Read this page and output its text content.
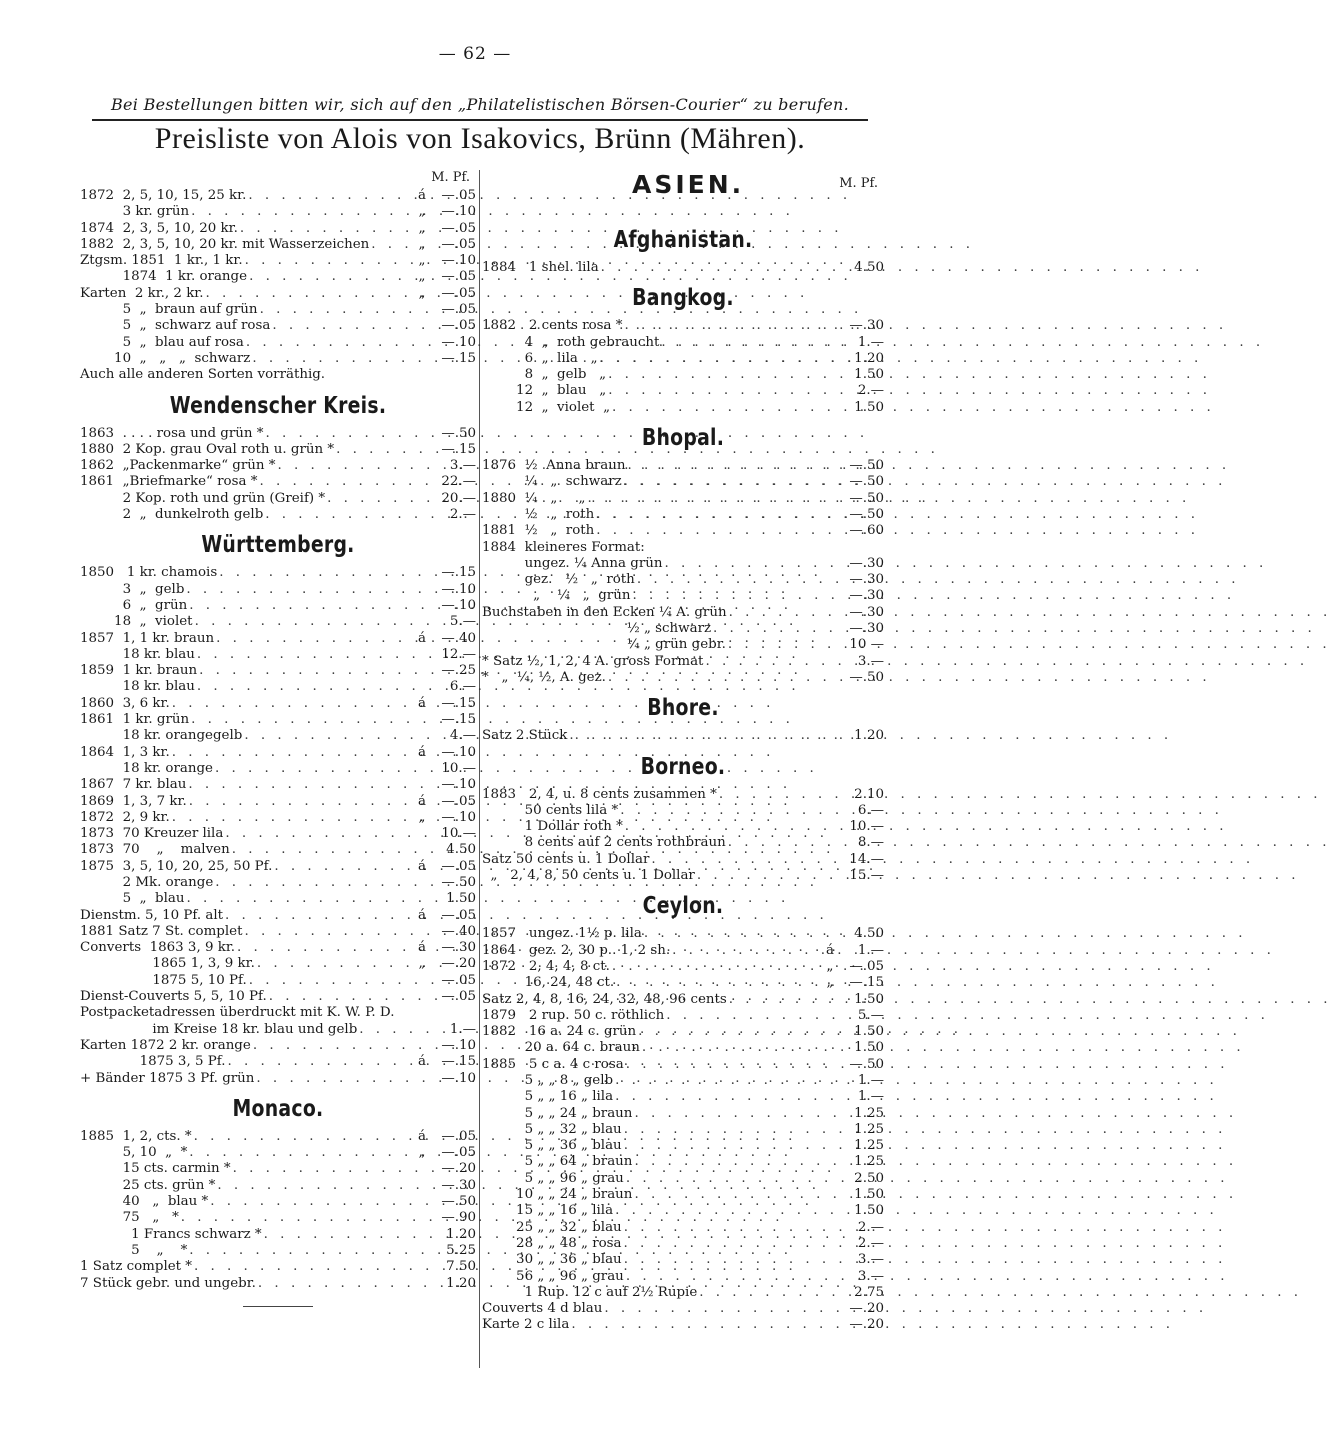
— 62 —
Bei Bestellungen bitten wir, sich auf den „Philatelistischen Börsen-Courier“ zu berufen.
Preisliste von Alois von Isakovics, Brünn (Mähren).
M. Pf.
1872  2, 5, 10, 15, 25 kr. . . .	á	—.05
3 kr. grün . . .	„	—.10
1874  2, 3, 5, 10, 20 kr. . . .	„	—.05
1882  2, 3, 5, 10, 20 kr. mit Wasserzeichen . . .	„	—.05
Ztgsm. 1851  1 kr., 1 kr. . . .	„	—.10
1874  1 kr. orange . . .	„	—.05
Karten  2 kr., 2 kr. . . .	„	—.05
5  „  braun auf grün . . .	—.05
5  „  schwarz auf rosa . . .	—.05
5  „  blau auf rosa . . .	—.10
10  „   „   „  schwarz . . .	—.15
Auch alle anderen Sorten vorräthig.
Wendenscher Kreis.
1863  . . . . rosa und grün * . . .	—.50
1880  2 Kop. grau Oval roth u. grün * . . .	—.15
1862  „Packenmarke“ grün * . . .	3.—
1861  „Briefmarke“ rosa * . . .	22.—
2 Kop. roth und grün (Greif) * . . .	20.—
2  „  dunkelroth gelb . . .	2.—
Württemberg.
1850   1 kr. chamois . . .	—.15
3  „  gelb . . .	—.10
6  „  grün . . .	—.10
18  „  violet . . .	5.—
1857  1, 1 kr. braun . . .	á	—.40
18 kr. blau . . .	12.—
1859  1 kr. braun . . .	—.25
18 kr. blau . . .	6.—
1860  3, 6 kr. . . .	á	—.15
1861  1 kr. grün . . .	—.15
18 kr. orangegelb . . .	4.—
1864  1, 3 kr. . . .	á	—.10
18 kr. orange . . .	10.—
1867  7 kr. blau . . .	—.10
1869  1, 3, 7 kr. . . .	á	—.05
1872  2, 9 kr. . . .	„	—.10
1873  70 Kreuzer lila . . .	10.—
1873  70    „    malven . . .	4.50
1875  3, 5, 10, 20, 25, 50 Pf. . . .	á	—.05
2 Mk. orange . . .	—.50
5  „  blau . . .	1.50
Dienstm. 5, 10 Pf. alt . . .	á	—.05
1881 Satz 7 St. complet . . .	—.40
Converts  1863 3, 9 kr. . . .	á	—.30
1865 1, 3, 9 kr. . . .	„	—.20
1875 5, 10 Pf. . . .	—.05
Dienst-Couverts 5, 5, 10 Pf. . . .	—.05
Postpacketadressen überdruckt mit K. W. P. D.
im Kreise 18 kr. blau und gelb . . .	1.—
Karten 1872 2 kr. orange . . .	—.10
1875 3, 5 Pf. . . .	á	—.15
+ Bänder 1875 3 Pf. grün . . .	—.10
Monaco.
1885  1, 2, cts. * . . .	á	—.05
5, 10  „  * . . .	„	—.05
15 cts. carmin * . . .	—.20
25 cts. grün * . . .	—.30
40   „  blau * . . .	—.50
75   „   * . . .	—.90
1 Francs schwarz * . . .	1.20
5    „    * . . .	5.25
1 Satz complet * . . .	7.50
7 Stück gebr. und ungebr. . . .	1.20
ASIEN.	M. Pf.
Afghanistan.
1884   1 shel. lila . . .	4.50
Bangkog.
1882   2 cents rosa * . . .	—.30
4  „  roth gebraucht . . .	1.—
6  „  lila   „ . . .	1.20
8  „  gelb   „ . . .	1.50
12  „  blau   „ . . .	2.—
12  „  violet  „ . . .	1.50
Bhopal.
1876  ½  Anna braun . . .	—.50
¼   „  schwarz . . .	—.50
1880  ¼   „     „ . . .	—.50
½   „  roth . . .	—.50
1881  ½   „  roth . . .	—.60
1884  kleineres Format:
ungez. ¼ Anna grün . . .	—.30
gez.   ½   „  roth . . .	—.30
„    ¼   „  grün . . .	—.30
Buchstaben in den Ecken ¼ A. grün . . .	—.30
½ „ schwarz . . .	—.30
¼ „ grün gebr. . . .	10 —
* Satz ½, 1, 2, 4 A. gross Format . . .	3.—
*   „  ¼, ½, A. gez. . . .	—.50
Bhore.
Satz 2 Stück . . .	1.20
Borneo.
1883   2, 4, u. 8 cents zusammen * . . .	2.10
50 cents lila * . . .	6.—
1 Dollar roth * . . .	10.—
8 cents auf 2 cents rothbraun . . .	8.—
Satz 50 cents u. 1 Dollar . . .	14.—
„   2, 4, 8, 50 cents u. 1 Dollar . . .	15.—
Ceylon.
1857   ungez. 1½ p. lila . . .	4.50
1864   gez. 2, 30 p.. 1, 2 sh. . . .	á	1.—
1872   2, 4, 4, 8 ct. . . .	„	—.05
16, 24, 48 ct. . . .	„	—.15
Satz 2, 4, 8, 16, 24, 32, 48, 96 cents . . .	1.50
1879   2 rup. 50 c. röthlich . . .	5.—
1882   16 a. 24 c. grün . . .	1.50
20 a. 64 c. braun . . .	1.50
1885   5 c a. 4 c rosa . . .	—.50
5 „ „ 8 „ gelb . . .	1.—
5 „ „ 16 „ lila . . .	1.—
5 „ „ 24 „ braun . . .	1.25
5 „ „ 32 „ blau . . .	1.25
5 „ „ 36 „ blau . . .	1.25
5 „ „ 64 „ braun . . .	1.25
5 „ „ 96 „ grau . . .	2.50
10 „ „ 24 „ braun . . .	1.50
15 „ „ 16 „ lila . . .	1.50
25 „ „ 32 „ blau . . .	2.—
28 „ „ 48 „ rosa . . .	2.—
30 „ „ 36 „ blau . . .	3.—
56 „ „ 96 „ grau . . .	3.—
1 Rup. 12 c auf 2½ Rupie . . .	2.75
Couverts 4 d blau . . .	—.20
Karte 2 c lila . . .	—.20
